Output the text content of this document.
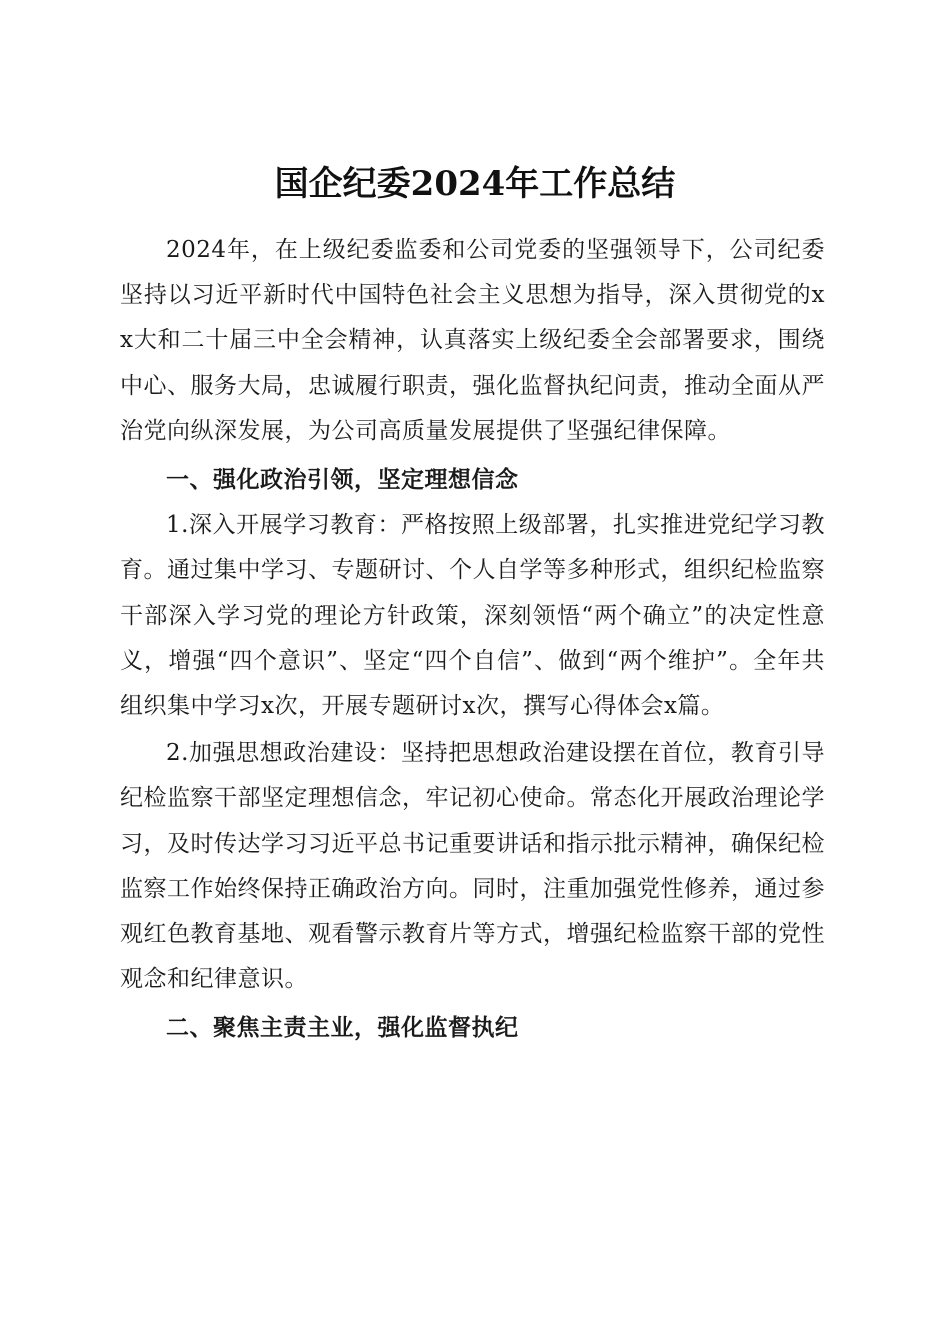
国企纪委2024年工作总结

2024年，在上级纪委监委和公司党委的坚强领导下，公司纪委坚持以习近平新时代中国特色社会主义思想为指导，深入贯彻党的xx大和二十届三中全会精神，认真落实上级纪委全会部署要求，围绕中心、服务大局，忠诚履行职责，强化监督执纪问责，推动全面从严治党向纵深发展，为公司高质量发展提供了坚强纪律保障。

一、强化政治引领，坚定理想信念

1.深入开展学习教育：严格按照上级部署，扎实推进党纪学习教育。通过集中学习、专题研讨、个人自学等多种形式，组织纪检监察干部深入学习党的理论方针政策，深刻领悟“两个确立”的决定性意义，增强“四个意识”、坚定“四个自信”、做到“两个维护”。全年共组织集中学习x次，开展专题研讨x次，撰写心得体会x篇。

2.加强思想政治建设：坚持把思想政治建设摆在首位，教育引导纪检监察干部坚定理想信念，牢记初心使命。常态化开展政治理论学习，及时传达学习习近平总书记重要讲话和指示批示精神，确保纪检监察工作始终保持正确政治方向。同时，注重加强党性修养，通过参观红色教育基地、观看警示教育片等方式，增强纪检监察干部的党性观念和纪律意识。

二、聚焦主责主业，强化监督执纪
